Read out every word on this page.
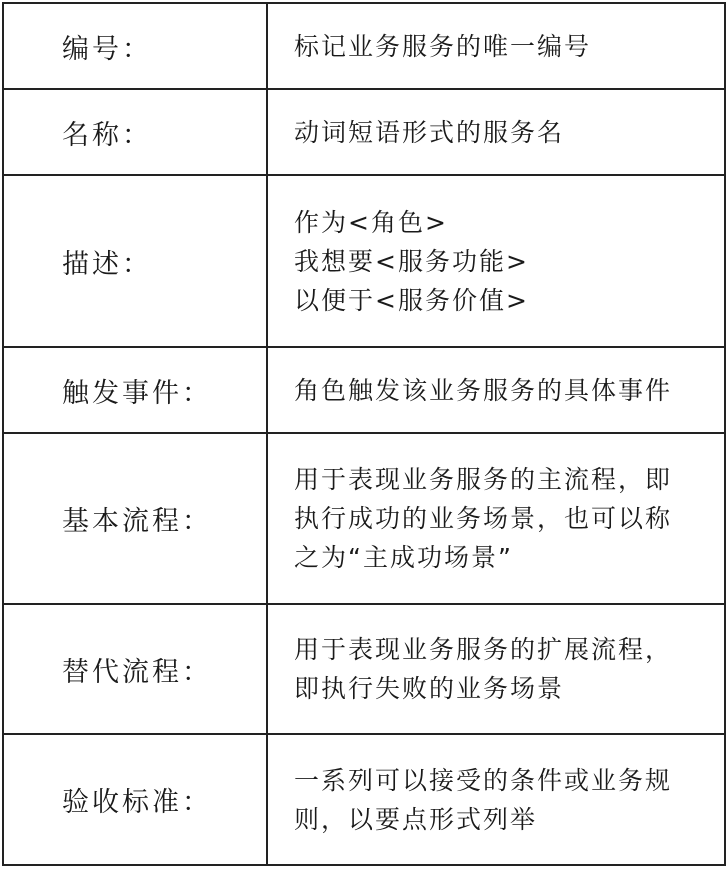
编号：	标记业务服务的唯一编号

名称：	动词短语形式的服务名

描述：	作为<角色>
我想要<服务功能>
以便于<服务价值>

触发事件：	角色触发该业务服务的具体事件

基本流程：	用于表现业务服务的主流程，即
执行成功的业务场景，也可以称
之为“主成功场景”

替代流程：	用于表现业务服务的扩展流程，
即执行失败的业务场景

验收标准：	一系列可以接受的条件或业务规
则，以要点形式列举
